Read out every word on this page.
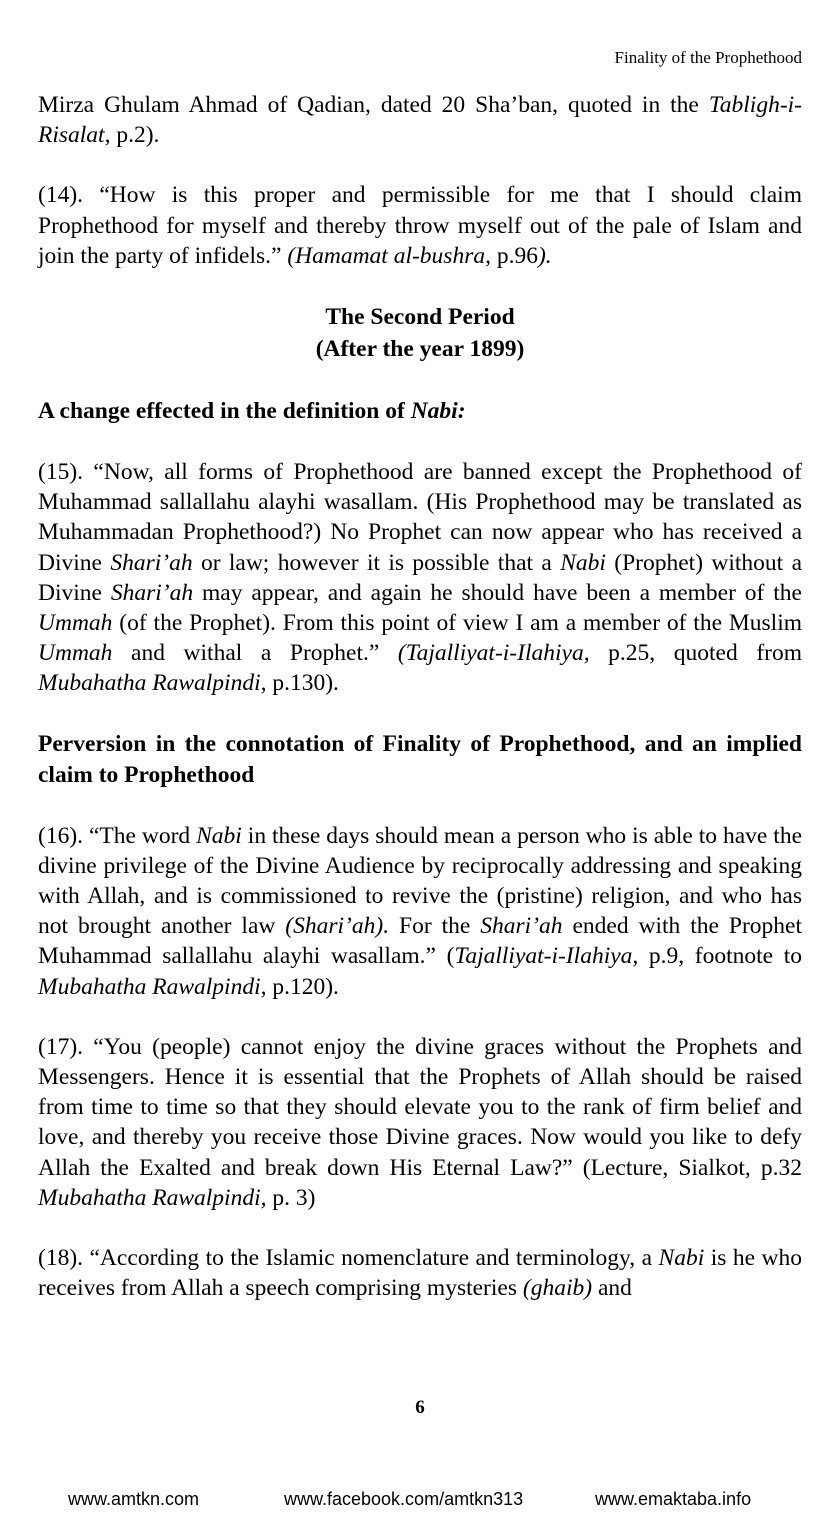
Finality of the Prophethood

Mirza Ghulam Ahmad of Qadian, dated 20 Sha’ban, quoted in the Tabligh-i-Risalat, p.2).

(14). “How is this proper and permissible for me that I should claim Prophethood for myself and thereby throw myself out of the pale of Islam and join the party of infidels.” (Hamamat al-bushra, p.96).

The Second Period
(After the year 1899)
A change effected in the definition of Nabi:

(15). “Now, all forms of Prophethood are banned except the Prophethood of Muhammad sallallahu alayhi wasallam. (His Prophethood may be translated as Muhammadan Prophethood?) No Prophet can now appear who has received a Divine Shari’ah or law; however it is possible that a Nabi (Prophet) without a Divine Shari’ah may appear, and again he should have been a member of the Ummah (of the Prophet). From this point of view I am a member of the Muslim Ummah and withal a Prophet.” (Tajalliyat-i-Ilahiya, p.25, quoted from Mubahatha Rawalpindi, p.130).

Perversion in the connotation of Finality of Prophethood, and an implied claim to Prophethood

(16). “The word Nabi in these days should mean a person who is able to have the divine privilege of the Divine Audience by reciprocally addressing and speaking with Allah, and is commissioned to revive the (pristine) religion, and who has not brought another law (Shari’ah). For the Shari’ah ended with the Prophet Muhammad sallallahu alayhi wasallam.” (Tajalliyat-i-Ilahiya, p.9, footnote to Mubahatha Rawalpindi, p.120).

(17). “You (people) cannot enjoy the divine graces without the Prophets and Messengers. Hence it is essential that the Prophets of Allah should be raised from time to time so that they should elevate you to the rank of firm belief and love, and thereby you receive those Divine graces. Now would you like to defy Allah the Exalted and break down His Eternal Law?” (Lecture, Sialkot, p.32 Mubahatha Rawalpindi, p. 3)

(18). “According to the Islamic nomenclature and terminology, a Nabi is he who receives from Allah a speech comprising mysteries (ghaib) and

6
www.amtkn.com	www.facebook.com/amtkn313	www.emaktaba.info
